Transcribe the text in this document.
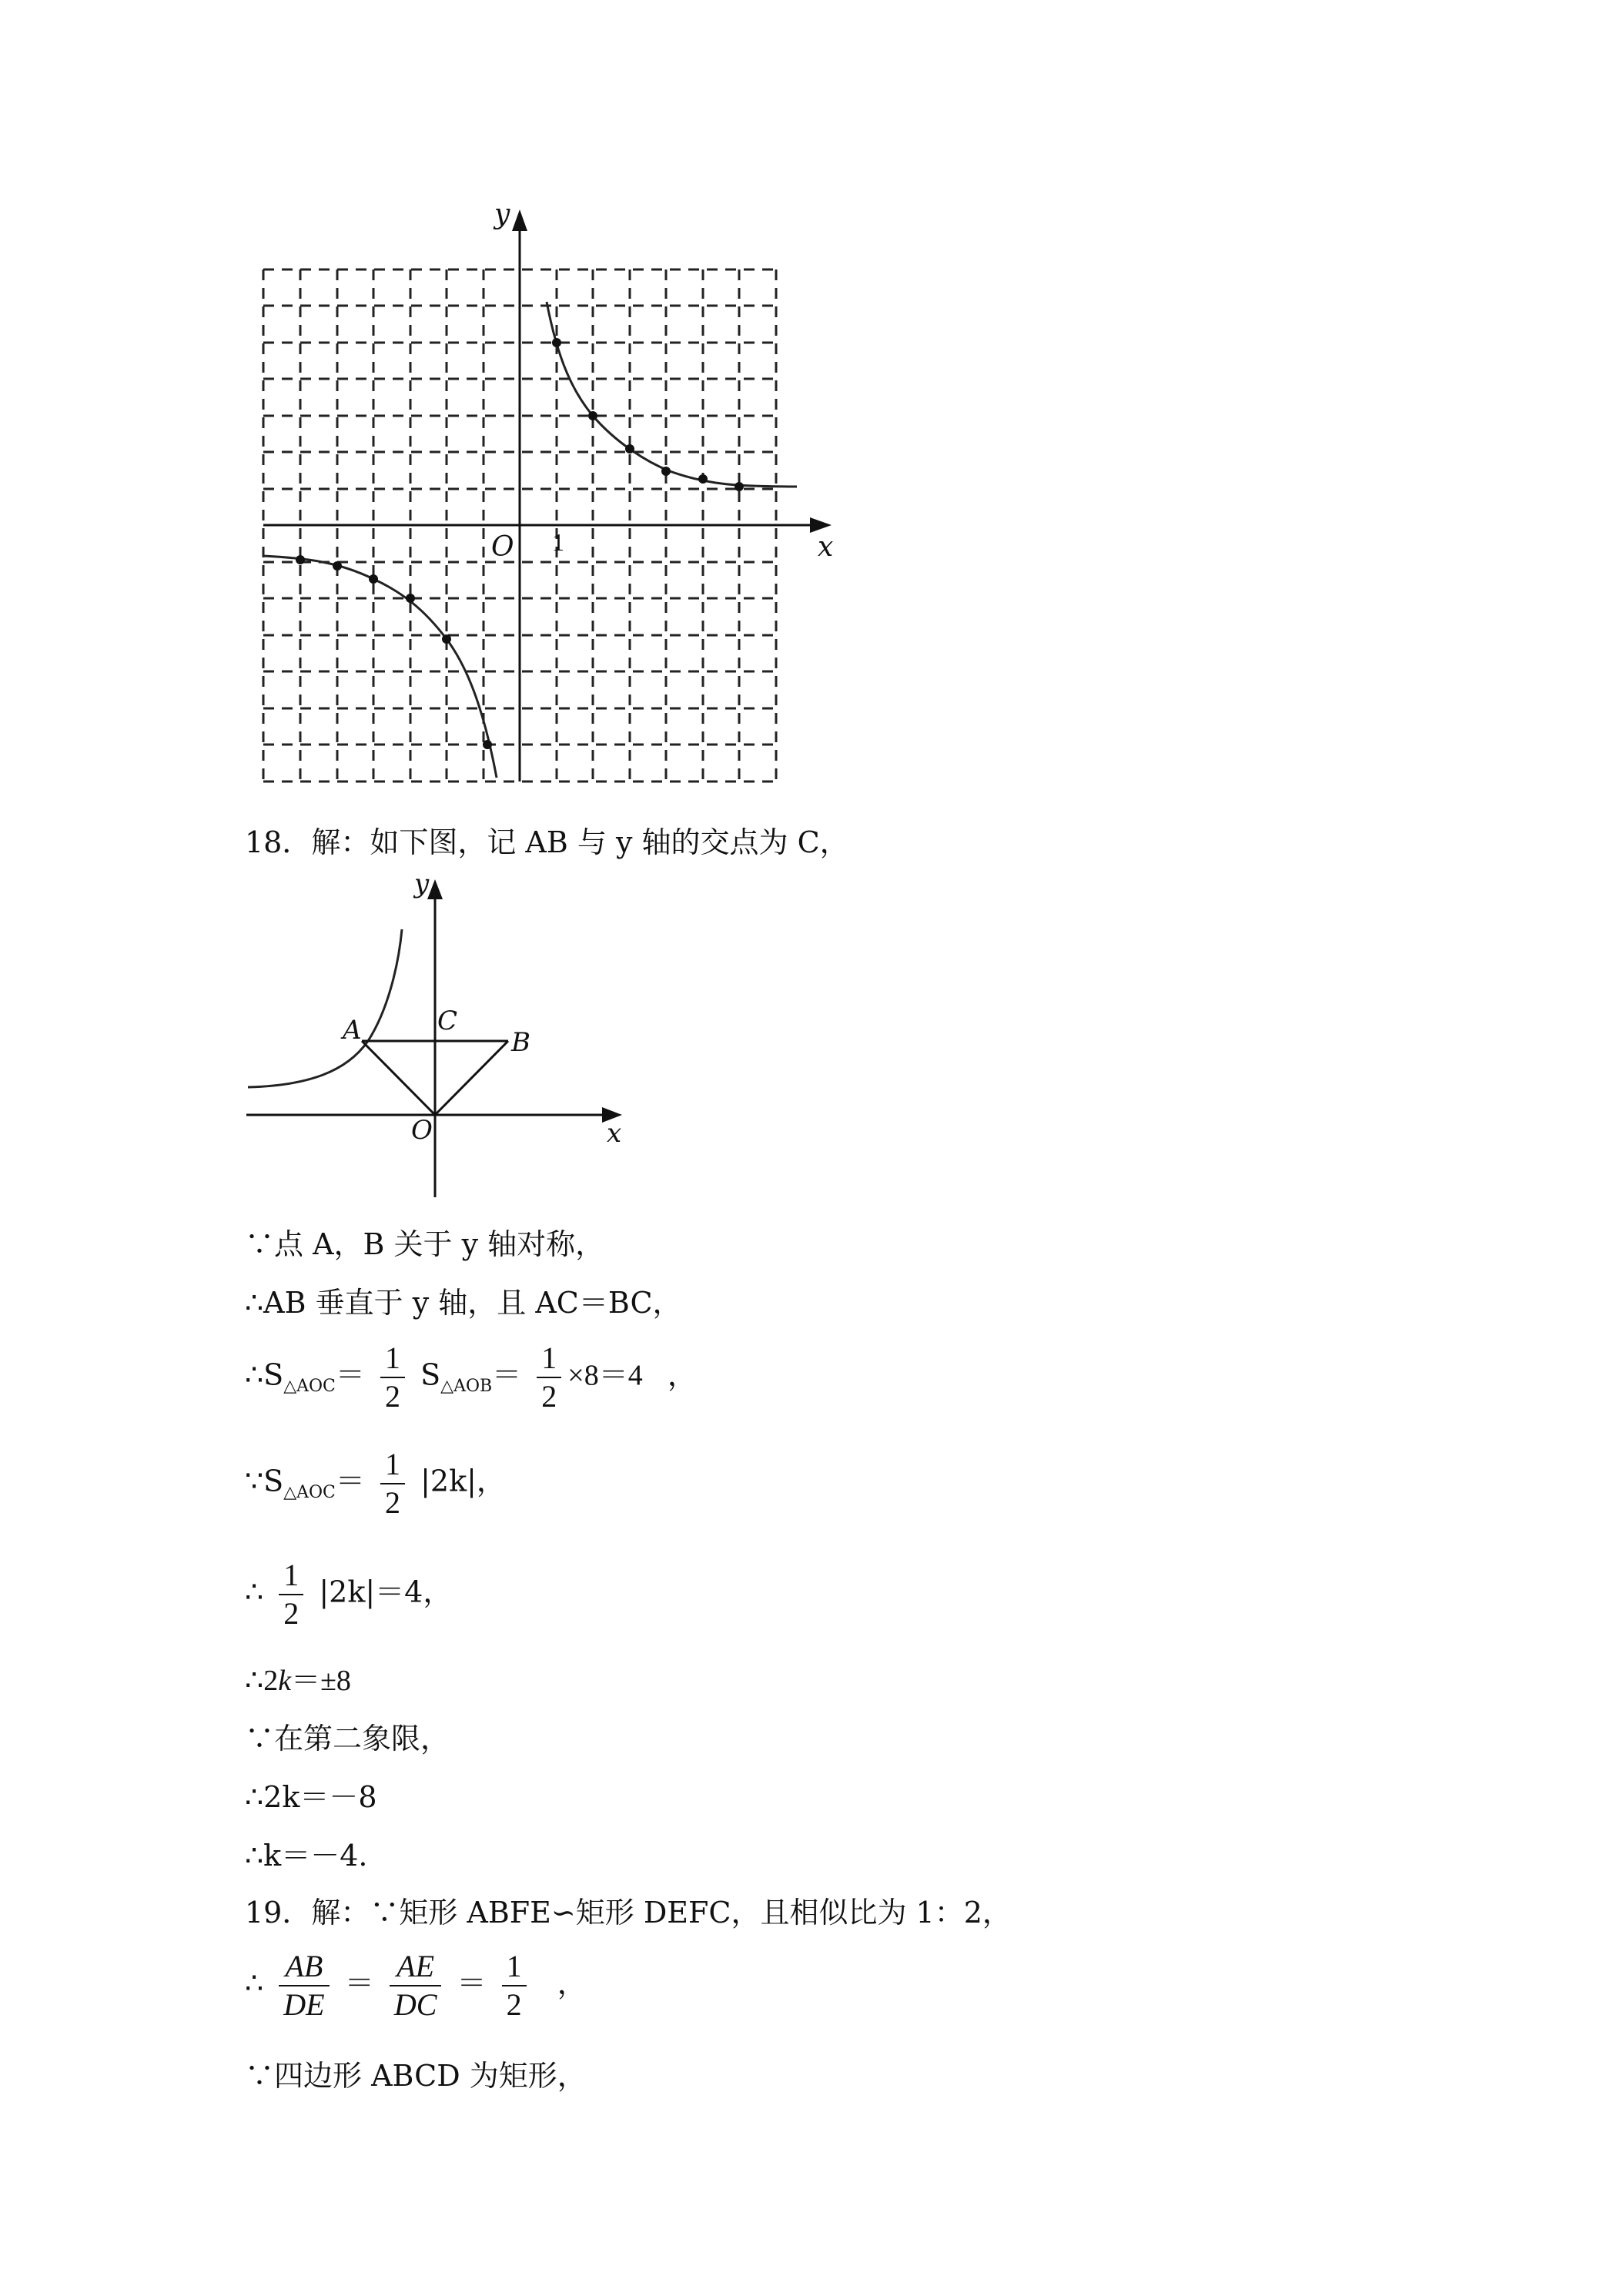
y
x
O 1
18．解：如下图，记 AB 与 y 轴的交点为 C，
y
x
O
A	B
C
∵点 A，B 关于 y 轴对称，
∴AB 垂直于 y 轴，且 AC＝BC，
$\therefore S_{\triangle AOC}= \frac{1}{2} S_{\triangle AOB}= \frac{1}{2} \times 8=4$ ，
$\because S_{\triangle AOC}= \frac{1}{2} |2k|$，
∴ $\frac{1}{2} |2k|=4$，
∴2k＝±8
∵在第二象限，
∴2k＝－8
∴k＝－4.
19．解：∵矩形 ABFE∽矩形 DEFC，且相似比为 1：2，
∴ $\frac{AB}{DE} = \frac{AE}{DC} = \frac{1}{2}$ ，
∵四边形 ABCD 为矩形，
